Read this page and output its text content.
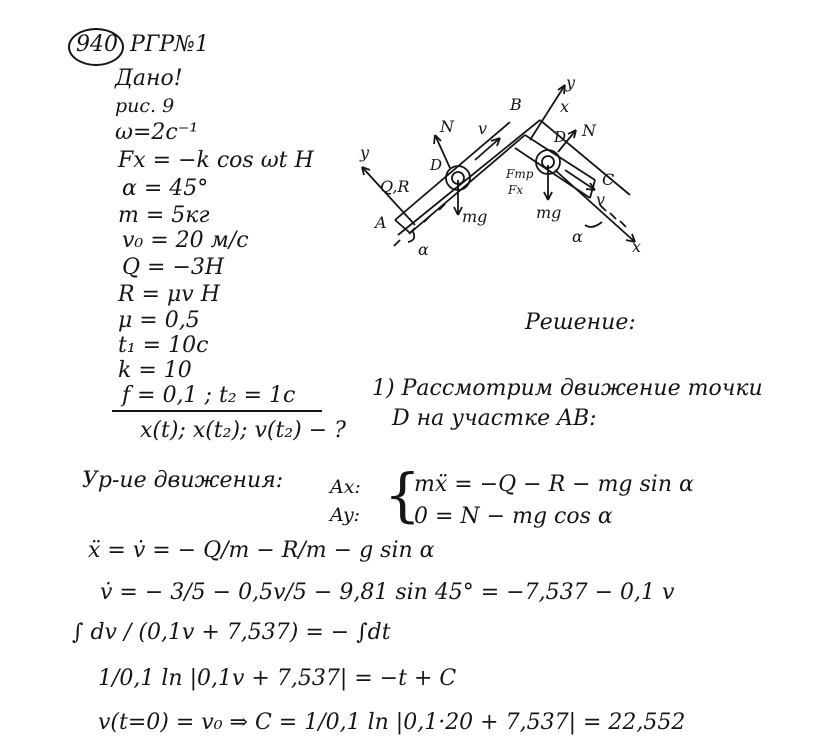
940 РГР№1
Дано!
рис. 9
ω=2c⁻¹
Fx = −k cos ωt H
α = 45°
m = 5кг
v₀ = 20 м/с
Q = −3H
R = μv H
μ = 0,5
t₁ = 10c
k = 10
f = 0,1 ; t₂ = 1c
x(t); x(t₂); v(t₂) − ?
A
B
C
y
y
x
x
N	N
v
v
D
D
Q,R
mg	mg
Fтр
Fx
α
α
Решение:
1) Рассмотрим движение точки
D на участке AB:
Ур-ие движения: Ax:
Ay: {
mẍ = −Q − R − mg sin α
0 = N − mg cos α
ẍ = v̇ = − Q/m − R/m − g sin α
v̇ = − 3/5 − 0,5v/5 − 9,81 sin 45° = −7,537 − 0,1 v
∫ dv / (0,1v + 7,537) = − ∫dt
1/0,1 ln |0,1v + 7,537| = −t + C
v(t=0) = v₀ ⇒ C = 1/0,1 ln |0,1·20 + 7,537| = 22,552
